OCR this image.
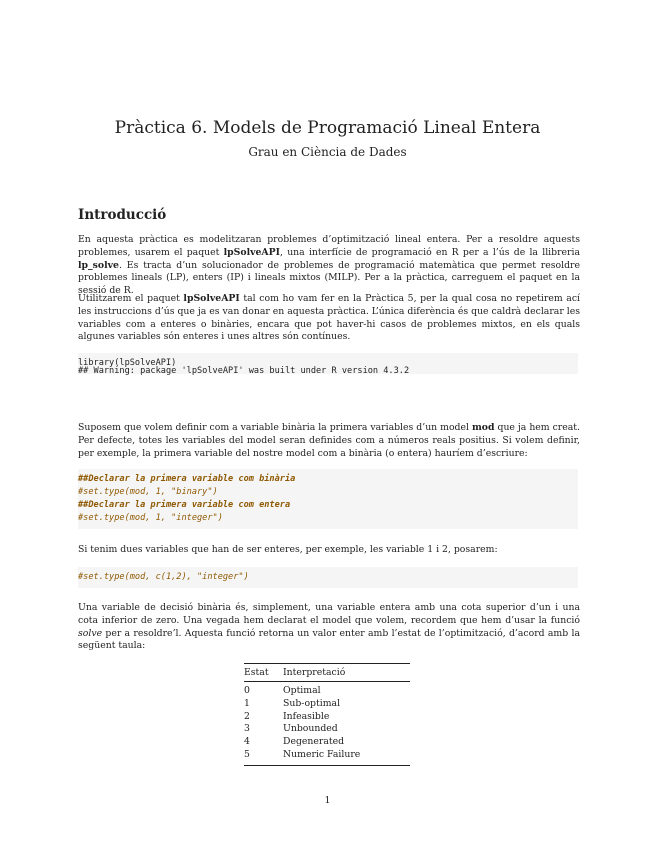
Pràctica 6. Models de Programació Lineal Entera
Grau en Ciència de Dades
Introducció
En aquesta pràctica es modelitzaran problemes d’optimització lineal entera. Per a resoldre aquests problemes, usarem el paquet lpSolveAPI, una interfície de programació en R per a l’ús de la llibreria lp_solve. Es tracta d’un solucionador de problemes de programació matemàtica que permet resoldre problemes lineals (LP), enters (IP) i lineals mixtos (MILP). Per a la pràctica, carreguem el paquet en la sessió de R.
Utilitzarem el paquet lpSolveAPI tal com ho vam fer en la Pràctica 5, per la qual cosa no repetirem ací les instruccions d’ús que ja es van donar en aquesta pràctica. L’única diferència és que caldrà declarar les variables com a enteres o binàries, encara que pot haver-hi casos de problemes mixtos, en els quals algunes variables són enteres i unes altres són contínues.
library(lpSolveAPI)
## Warning: package 'lpSolveAPI' was built under R version 4.3.2
Suposem que volem definir com a variable binària la primera variables d’un model mod que ja hem creat. Per defecte, totes les variables del model seran definides com a números reals positius. Si volem definir, per exemple, la primera variable del nostre model com a binària (o entera) hauríem d’escriure:
##Declarar la primera variable com binària
#set.type(mod, 1, "binary")
##Declarar la primera variable com entera
#set.type(mod, 1, "integer")
Si tenim dues variables que han de ser enteres, per exemple, les variable 1 i 2, posarem:
#set.type(mod, c(1,2), "integer")
Una variable de decisió binària és, simplement, una variable entera amb una cota superior d’un i una cota inferior de zero. Una vegada hem declarat el model que volem, recordem que hem d’usar la funció solve per a resoldre’l. Aquesta funció retorna un valor enter amb l’estat de l’optimització, d’acord amb la següent taula:
Estat	Interpretació
0	Optimal
1	Sub-optimal
2	Infeasible
3	Unbounded
4	Degenerated
5	Numeric Failure
1
